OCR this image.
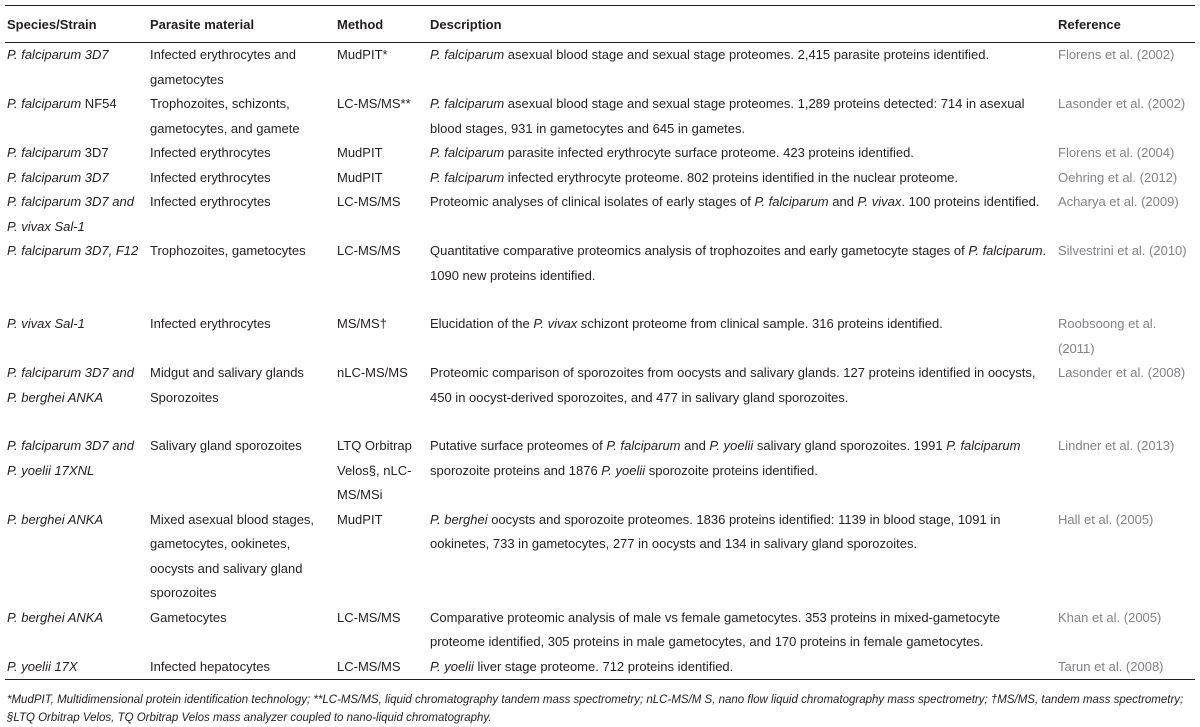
Species/Strain	Parasite material	Method	Description	Reference
P. falciparum 3D7	Infected erythrocytes and gametocytes	MudPIT*	P. falciparum asexual blood stage and sexual stage proteomes. 2,415 parasite proteins identified.	Florens et al. (2002)
P. falciparum NF54	Trophozoites, schizonts, gametocytes, and gamete	LC-MS/MS**	P. falciparum asexual blood stage and sexual stage proteomes. 1,289 proteins detected: 714 in asexual blood stages, 931 in gametocytes and 645 in gametes.	Lasonder et al. (2002)
P. falciparum 3D7	Infected erythrocytes	MudPIT	P. falciparum parasite infected erythrocyte surface proteome. 423 proteins identified.	Florens et al. (2004)
P. falciparum 3D7	Infected erythrocytes	MudPIT	P. falciparum infected erythrocyte proteome. 802 proteins identified in the nuclear proteome.	Oehring et al. (2012)
P. falciparum 3D7 and P. vivax Sal-1	Infected erythrocytes	LC-MS/MS	Proteomic analyses of clinical isolates of early stages of P. falciparum and P. vivax. 100 proteins identified.	Acharya et al. (2009)
P. falciparum 3D7, F12	Trophozoites, gametocytes	LC-MS/MS	Quantitative comparative proteomics analysis of trophozoites and early gametocyte stages of P. falciparum. 1090 new proteins identified.	Silvestrini et al. (2010)
P. vivax Sal-1	Infected erythrocytes	MS/MS†	Elucidation of the P. vivax schizont proteome from clinical sample. 316 proteins identified.	Roobsoong et al. (2011)
P. falciparum 3D7 and P. berghei ANKA	Midgut and salivary glands Sporozoites	nLC-MS/MS	Proteomic comparison of sporozoites from oocysts and salivary glands. 127 proteins identified in oocysts, 450 in oocyst-derived sporozoites, and 477 in salivary gland sporozoites.	Lasonder et al. (2008)
P. falciparum 3D7 and P. yoelii 17XNL	Salivary gland sporozoites	LTQ Orbitrap Velos§, nLC-MS/MSi	Putative surface proteomes of P. falciparum and P. yoelii salivary gland sporozoites. 1991 P. falciparum sporozoite proteins and 1876 P. yoelii sporozoite proteins identified.	Lindner et al. (2013)
P. berghei ANKA	Mixed asexual blood stages, gametocytes, ookinetes, oocysts and salivary gland sporozoites	MudPIT	P. berghei oocysts and sporozoite proteomes. 1836 proteins identified: 1139 in blood stage, 1091 in ookinetes, 733 in gametocytes, 277 in oocysts and 134 in salivary gland sporozoites.	Hall et al. (2005)
P. berghei ANKA	Gametocytes	LC-MS/MS	Comparative proteomic analysis of male vs female gametocytes. 353 proteins in mixed-gametocyte proteome identified, 305 proteins in male gametocytes, and 170 proteins in female gametocytes.	Khan et al. (2005)
P. yoelii 17X	Infected hepatocytes	LC-MS/MS	P. yoelii liver stage proteome. 712 proteins identified.	Tarun et al. (2008)
*MudPIT, Multidimensional protein identification technology; **LC-MS/MS, liquid chromatography tandem mass spectrometry; nLC-MS/M S, nano flow liquid chromatography mass spectrometry; †MS/MS, tandem mass spectrometry; §LTQ Orbitrap Velos, TQ Orbitrap Velos mass analyzer coupled to nano-liquid chromatography.
